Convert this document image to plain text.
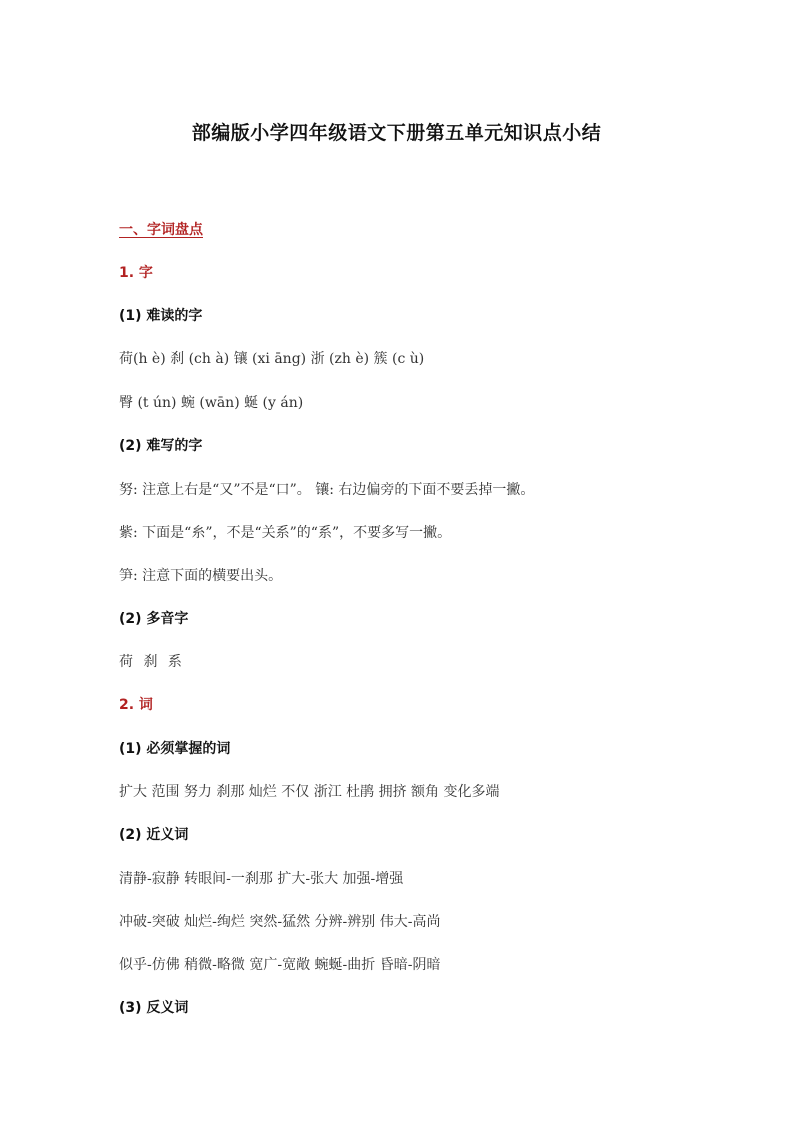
部编版小学四年级语文下册第五单元知识点小结
一、字词盘点
1. 字
(1) 难读的字
荷(h è) 刹 (ch à) 镶 (xi āng) 浙 (zh è) 簇 (c ù)
臀 (t ún) 蜿 (wān) 蜒 (y án)
(2) 难写的字
努: 注意上右是“又”不是“口”。 镶: 右边偏旁的下面不要丢掉一撇。
紫: 下面是“糸”，不是“关系”的“系”，不要多写一撇。
笋: 注意下面的横要出头。
(2) 多音字
荷 刹 系
2. 词
(1) 必须掌握的词
扩大 范围 努力 刹那 灿烂 不仅 浙江 杜鹃 拥挤 额角 变化多端
(2) 近义词
清静-寂静 转眼间-一刹那 扩大-张大 加强-增强
冲破-突破 灿烂-绚烂 突然-猛然 分辨-辨别 伟大-高尚
似乎-仿佛 稍微-略微 宽广-宽敞 蜿蜒-曲折 昏暗-阴暗
(3) 反义词
